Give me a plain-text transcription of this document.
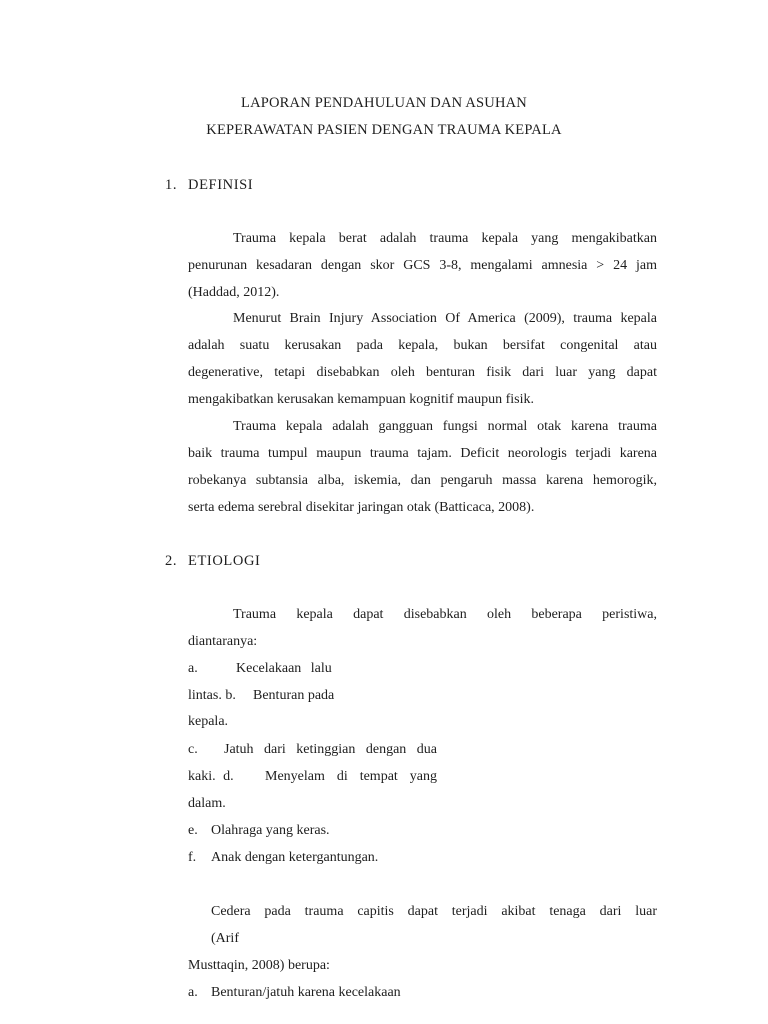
LAPORAN PENDAHULUAN DAN ASUHAN
KEPERAWATAN PASIEN DENGAN TRAUMA KEPALA
1. DEFINISI
Trauma kepala berat adalah trauma kepala yang mengakibatkan
penurunan kesadaran dengan skor GCS 3-8, mengalami amnesia > 24 jam
(Haddad, 2012).
Menurut Brain Injury Association Of America (2009), trauma kepala
adalah suatu kerusakan pada kepala, bukan bersifat congenital atau
degenerative, tetapi disebabkan oleh benturan fisik dari luar yang dapat
mengakibatkan kerusakan kemampuan kognitif maupun fisik.
Trauma kepala adalah gangguan fungsi normal otak karena trauma
baik trauma tumpul maupun trauma tajam. Deficit neorologis terjadi karena
robekanya subtansia alba, iskemia, dan pengaruh massa karena hemorogik,
serta edema serebral disekitar jaringan otak (Batticaca, 2008).
2. ETIOLOGI
Trauma kepala dapat disebabkan oleh beberapa peristiwa,
diantaranya:
a.	Kecelakaan lalu
lintas. b. Benturan pada
kepala.
c. Jatuh dari ketinggian dengan dua
kaki. d. Menyelam di tempat yang
dalam.
e. Olahraga yang keras.
f. Anak dengan ketergantungan.
Cedera pada trauma capitis dapat terjadi akibat tenaga dari luar
(Arif
Musttaqin, 2008) berupa:
a. Benturan/jatuh karena kecelakaan
